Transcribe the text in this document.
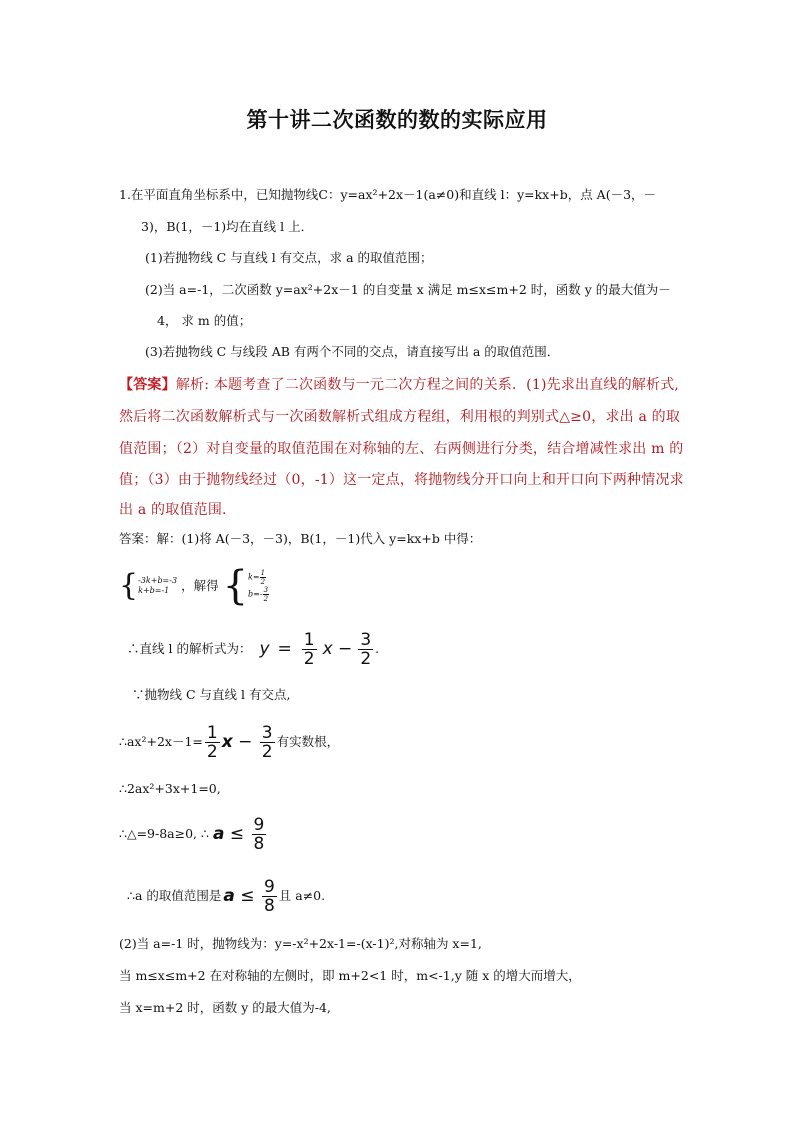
第十讲二次函数的数的实际应用
1.在平面直角坐标系中，已知抛物线C：y=ax²+2x－1(a≠0)和直线 l：y=kx+b，点 A(－3，－
3)，B(1，－1)均在直线 l 上．
(1)若抛物线 C 与直线 l 有交点，求 a 的取值范围；
(2)当 a=-1，二次函数 y=ax²+2x－1 的自变量 x 满足 m≤x≤m+2 时，函数 y 的最大值为－
4， 求 m 的值；
(3)若抛物线 C 与线段 AB 有两个不同的交点，请直接写出 a 的取值范围．
【答案】解析: 本题考查了二次函数与一元二次方程之间的关系．(1)先求出直线的解析式,
然后将二次函数解析式与一次函数解析式组成方程组，利用根的判别式△≥0，求出 a 的取
值范围；（2）对自变量的取值范围在对称轴的左、右两侧进行分类，结合增减性求出 m 的
值；（3）由于抛物线经过（0，-1）这一定点，将抛物线分开口向上和开口向下两种情况求
出 a 的取值范围.
答案：解：(1)将 A(－3，－3)，B(1，－1)代入 y=kx+b 中得：
{ -3k+b=-3
k+b=-1 ，解得 { $k= \frac{1}{2}$
$b=- \frac{3}{2}$
∴直线 l 的解析式为： $y = \frac{1}{2}$ $x - \frac{3}{2}$ .
∵抛物线 C 与直线 l 有交点,
∴ax²+2x－1= $\frac{1}{2}$ $x - \frac{3}{2}$ 有实数根，
∴2ax²+3x+1=0,
∴△=9-8a≥0, ∴ $a \le \frac{9}{8}$
∴a 的取值范围是 $a \le \frac{9}{8}$ 且 a≠0.
(2)当 a=-1 时，抛物线为：y=-x²+2x-1=-(x-1)²,对称轴为 x=1,
当 m≤x≤m+2 在对称轴的左侧时，即 m+2<1 时，m<-1,y 随 x 的增大而增大，
当 x=m+2 时，函数 y 的最大值为-4,
